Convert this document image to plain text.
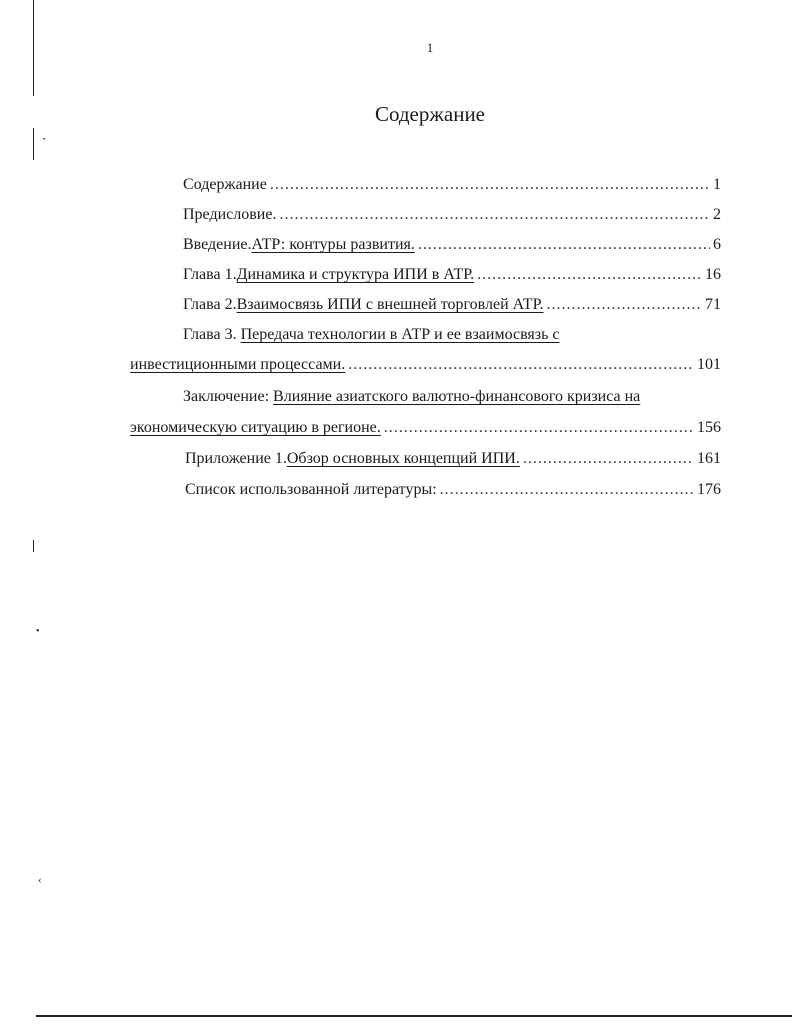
ˏ
•
‹
1
Содержание
Содержание .....	1
Предисловие. .....	2
Введение. АТР: контуры развития. .....	6
Глава 1. Динамика и структура ИПИ в АТР. .....	16
Глава 2. Взаимосвязь ИПИ с внешней торговлей АТР. .....	71
Глава 3. Передача технологии в АТР и ее взаимосвязь с
инвестиционными процессами. .....	101
Заключение: Влияние азиатского валютно-финансового кризиса на
экономическую ситуацию в регионе. .....	156
Приложение 1. Обзор основных концепций ИПИ. .....	161
Список использованной литературы: .....	176
